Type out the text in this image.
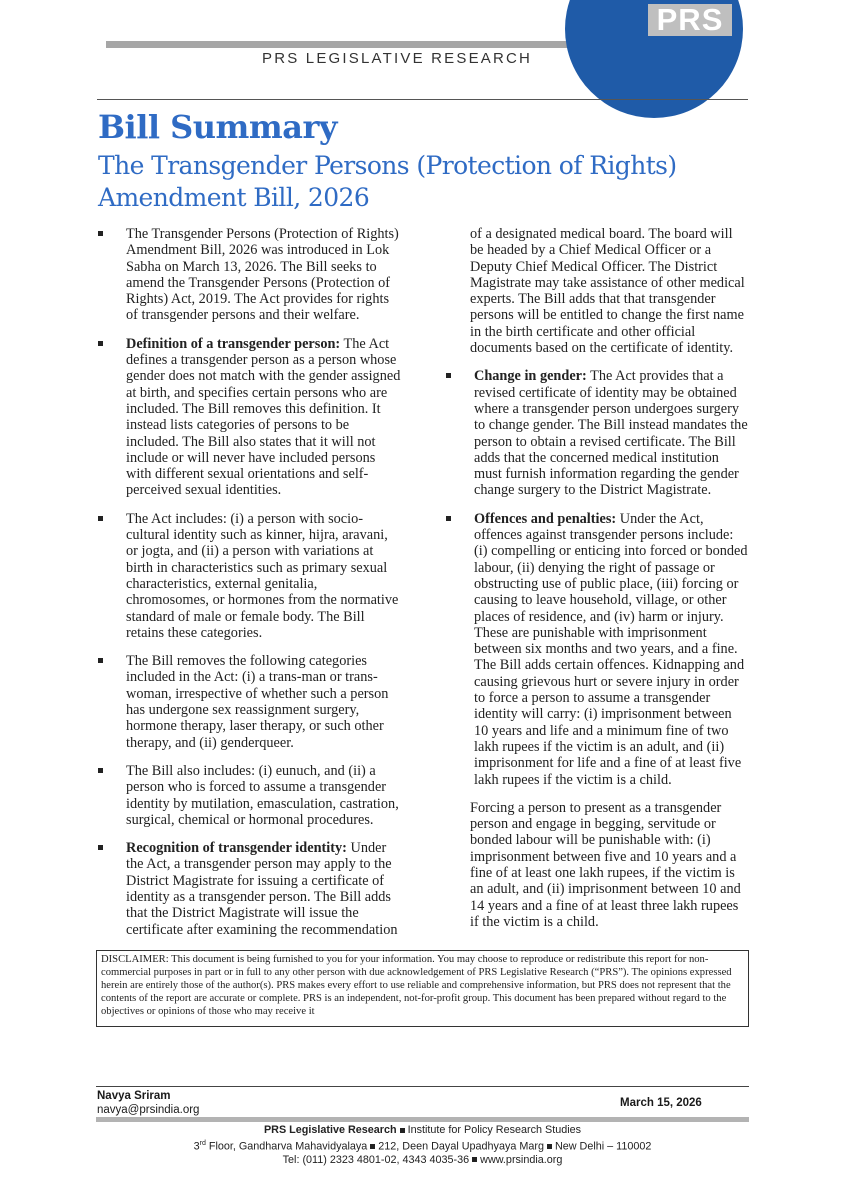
PRS
PRS LEGISLATIVE RESEARCH
Bill Summary
The Transgender Persons (Protection of Rights)
Amendment Bill, 2026
The Transgender Persons (Protection of Rights) Amendment Bill, 2026 was introduced in Lok Sabha on March 13, 2026. The Bill seeks to amend the Transgender Persons (Protection of Rights) Act, 2019. The Act provides for rights of transgender persons and their welfare.
Definition of a transgender person: The Act defines a transgender person as a person whose gender does not match with the gender assigned at birth, and specifies certain persons who are included. The Bill removes this definition. It instead lists categories of persons to be included. The Bill also states that it will not include or will never have included persons with different sexual orientations and self-perceived sexual identities.
The Act includes: (i) a person with socio-cultural identity such as kinner, hijra, aravani, or jogta, and (ii) a person with variations at birth in characteristics such as primary sexual characteristics, external genitalia, chromosomes, or hormones from the normative standard of male or female body. The Bill retains these categories.
The Bill removes the following categories included in the Act: (i) a trans-man or trans-woman, irrespective of whether such a person has undergone sex reassignment surgery, hormone therapy, laser therapy, or such other therapy, and (ii) genderqueer.
The Bill also includes: (i) eunuch, and (ii) a person who is forced to assume a transgender identity by mutilation, emasculation, castration, surgical, chemical or hormonal procedures.
Recognition of transgender identity: Under the Act, a transgender person may apply to the District Magistrate for issuing a certificate of identity as a transgender person. The Bill adds that the District Magistrate will issue the certificate after examining the recommendation
of a designated medical board. The board will be headed by a Chief Medical Officer or a Deputy Chief Medical Officer. The District Magistrate may take assistance of other medical experts. The Bill adds that that transgender persons will be entitled to change the first name in the birth certificate and other official documents based on the certificate of identity.
Change in gender: The Act provides that a revised certificate of identity may be obtained where a transgender person undergoes surgery to change gender. The Bill instead mandates the person to obtain a revised certificate. The Bill adds that the concerned medical institution must furnish information regarding the gender change surgery to the District Magistrate.
Offences and penalties: Under the Act, offences against transgender persons include: (i) compelling or enticing into forced or bonded labour, (ii) denying the right of passage or obstructing use of public place, (iii) forcing or causing to leave household, village, or other places of residence, and (iv) harm or injury. These are punishable with imprisonment between six months and two years, and a fine. The Bill adds certain offences. Kidnapping and causing grievous hurt or severe injury in order to force a person to assume a transgender identity will carry: (i) imprisonment between 10 years and life and a minimum fine of two lakh rupees if the victim is an adult, and (ii) imprisonment for life and a fine of at least five lakh rupees if the victim is a child.
Forcing a person to present as a transgender person and engage in begging, servitude or bonded labour will be punishable with: (i) imprisonment between five and 10 years and a fine of at least one lakh rupees, if the victim is an adult, and (ii) imprisonment between 10 and 14 years and a fine of at least three lakh rupees if the victim is a child.
DISCLAIMER: This document is being furnished to you for your information. You may choose to reproduce or redistribute this report for non-commercial purposes in part or in full to any other person with due acknowledgement of PRS Legislative Research (“PRS”). The opinions expressed herein are entirely those of the author(s). PRS makes every effort to use reliable and comprehensive information, but PRS does not represent that the contents of the report are accurate or complete. PRS is an independent, not-for-profit group. This document has been prepared without regard to the objectives or opinions of those who may receive it
Navya Sriram
navya@prsindia.org
March 15, 2026
PRS Legislative Research Institute for Policy Research Studies
3rd Floor, Gandharva Mahavidyalaya 212, Deen Dayal Upadhyaya Marg New Delhi – 110002
Tel: (011) 2323 4801-02, 4343 4035-36 www.prsindia.org
